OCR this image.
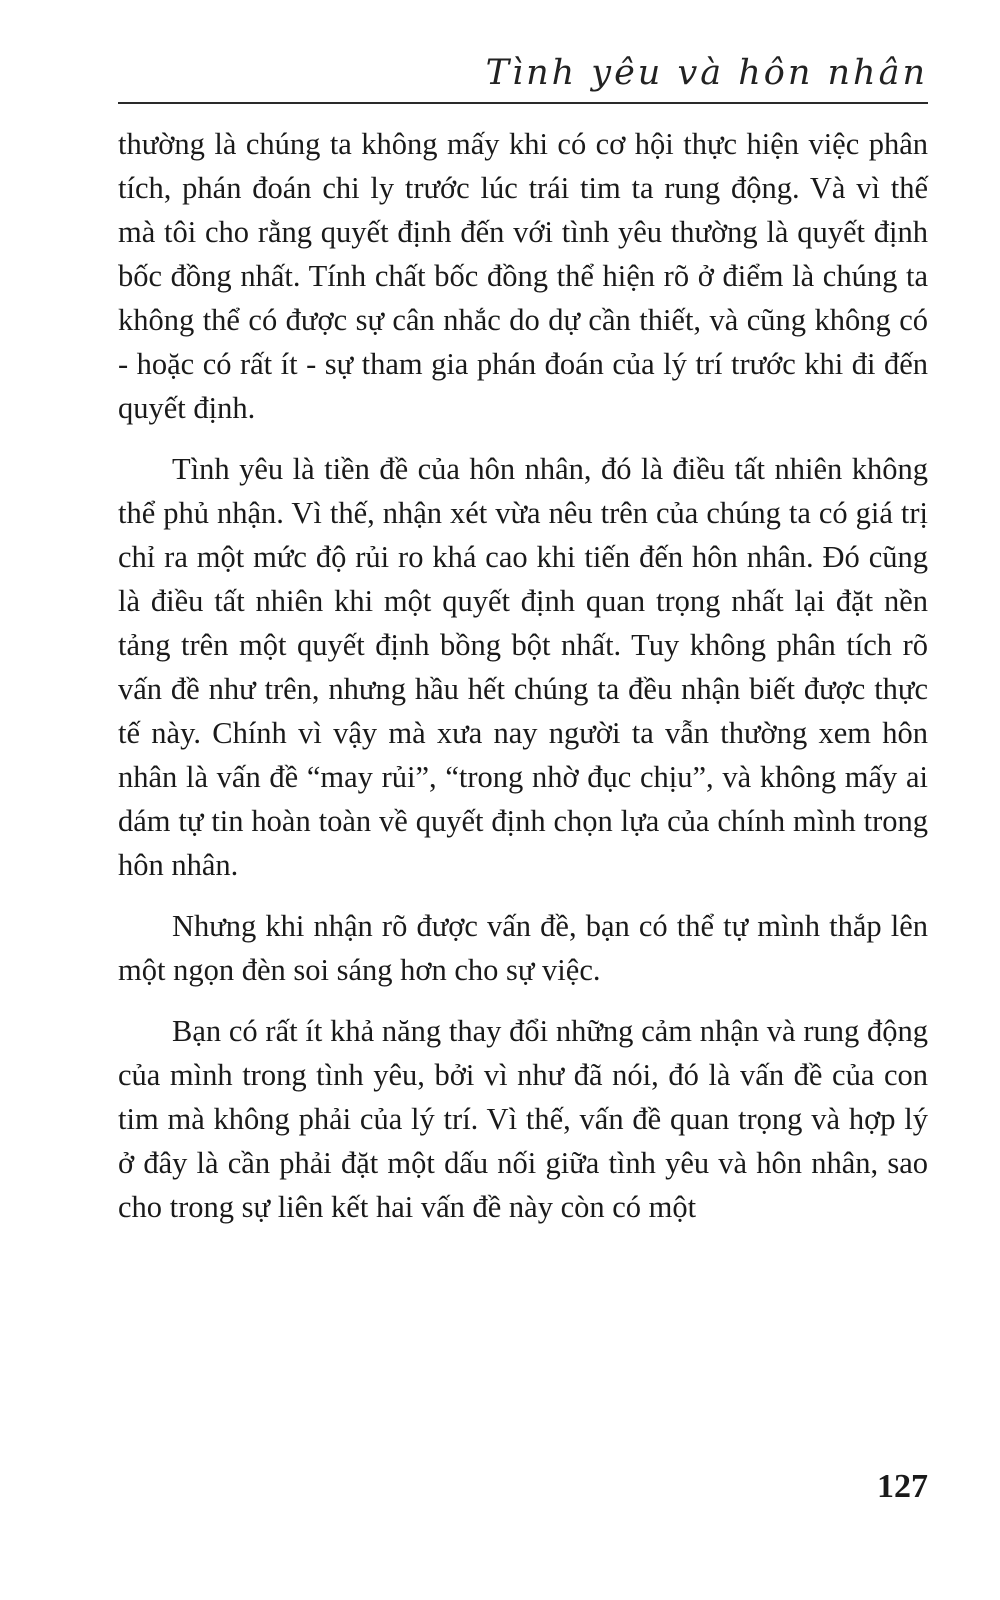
Tình yêu và hôn nhân

thường là chúng ta không mấy khi có cơ hội thực hiện việc phân tích, phán đoán chi ly trước lúc trái tim ta rung động. Và vì thế mà tôi cho rằng quyết định đến với tình yêu thường là quyết định bốc đồng nhất. Tính chất bốc đồng thể hiện rõ ở điểm là chúng ta không thể có được sự cân nhắc do dự cần thiết, và cũng không có - hoặc có rất ít - sự tham gia phán đoán của lý trí trước khi đi đến quyết định.

Tình yêu là tiền đề của hôn nhân, đó là điều tất nhiên không thể phủ nhận. Vì thế, nhận xét vừa nêu trên của chúng ta có giá trị chỉ ra một mức độ rủi ro khá cao khi tiến đến hôn nhân. Đó cũng là điều tất nhiên khi một quyết định quan trọng nhất lại đặt nền tảng trên một quyết định bồng bột nhất. Tuy không phân tích rõ vấn đề như trên, nhưng hầu hết chúng ta đều nhận biết được thực tế này. Chính vì vậy mà xưa nay người ta vẫn thường xem hôn nhân là vấn đề “may rủi”, “trong nhờ đục chịu”, và không mấy ai dám tự tin hoàn toàn về quyết định chọn lựa của chính mình trong hôn nhân.

Nhưng khi nhận rõ được vấn đề, bạn có thể tự mình thắp lên một ngọn đèn soi sáng hơn cho sự việc.

Bạn có rất ít khả năng thay đổi những cảm nhận và rung động của mình trong tình yêu, bởi vì như đã nói, đó là vấn đề của con tim mà không phải của lý trí. Vì thế, vấn đề quan trọng và hợp lý ở đây là cần phải đặt một dấu nối giữa tình yêu và hôn nhân, sao cho trong sự liên kết hai vấn đề này còn có một

127
